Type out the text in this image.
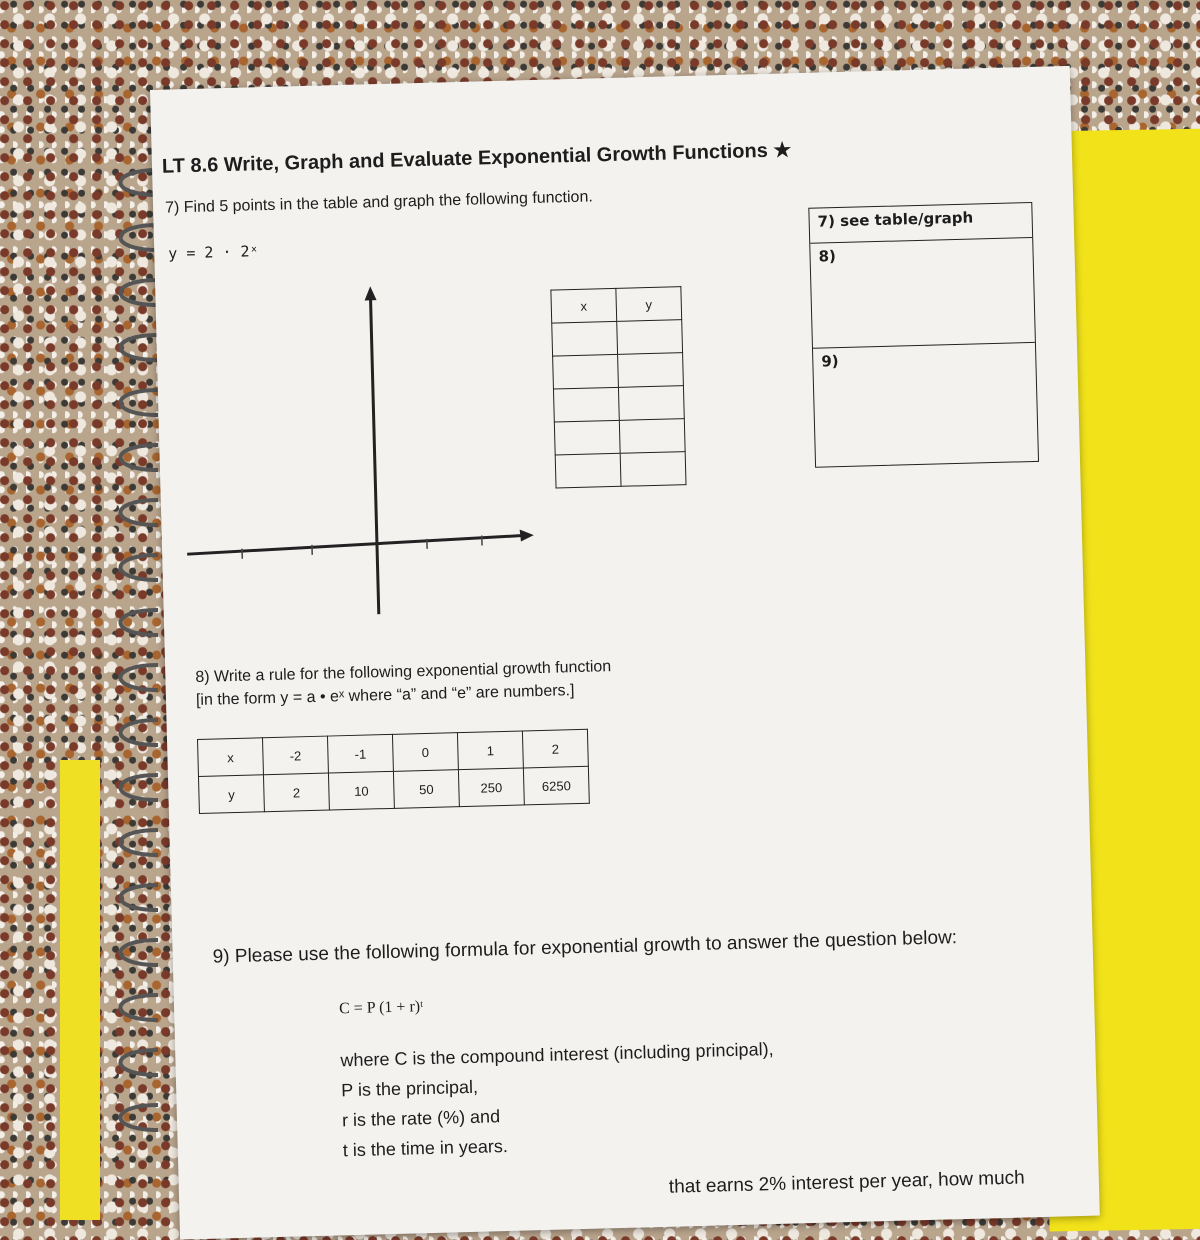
LT 8.6 Write, Graph and Evaluate Exponential Growth Functions ★
7) Find 5 points in the table and graph the following function.
y = 2 · 2ˣ
x	y

7) see table/graph
8)
9)
8) Write a rule for the following exponential growth function
[in the form y = a • eˣ where “a” and “e” are numbers.]
x	-2	-1	0	1	2
y	2	10	50	250	6250
9) Please use the following formula for exponential growth to answer the question below:
C = P (1 + r)ᵗ
where C is the compound interest (including principal),
P is the principal,
r is the rate (%) and
t is the time in years.
that earns 2% interest per year, how much
